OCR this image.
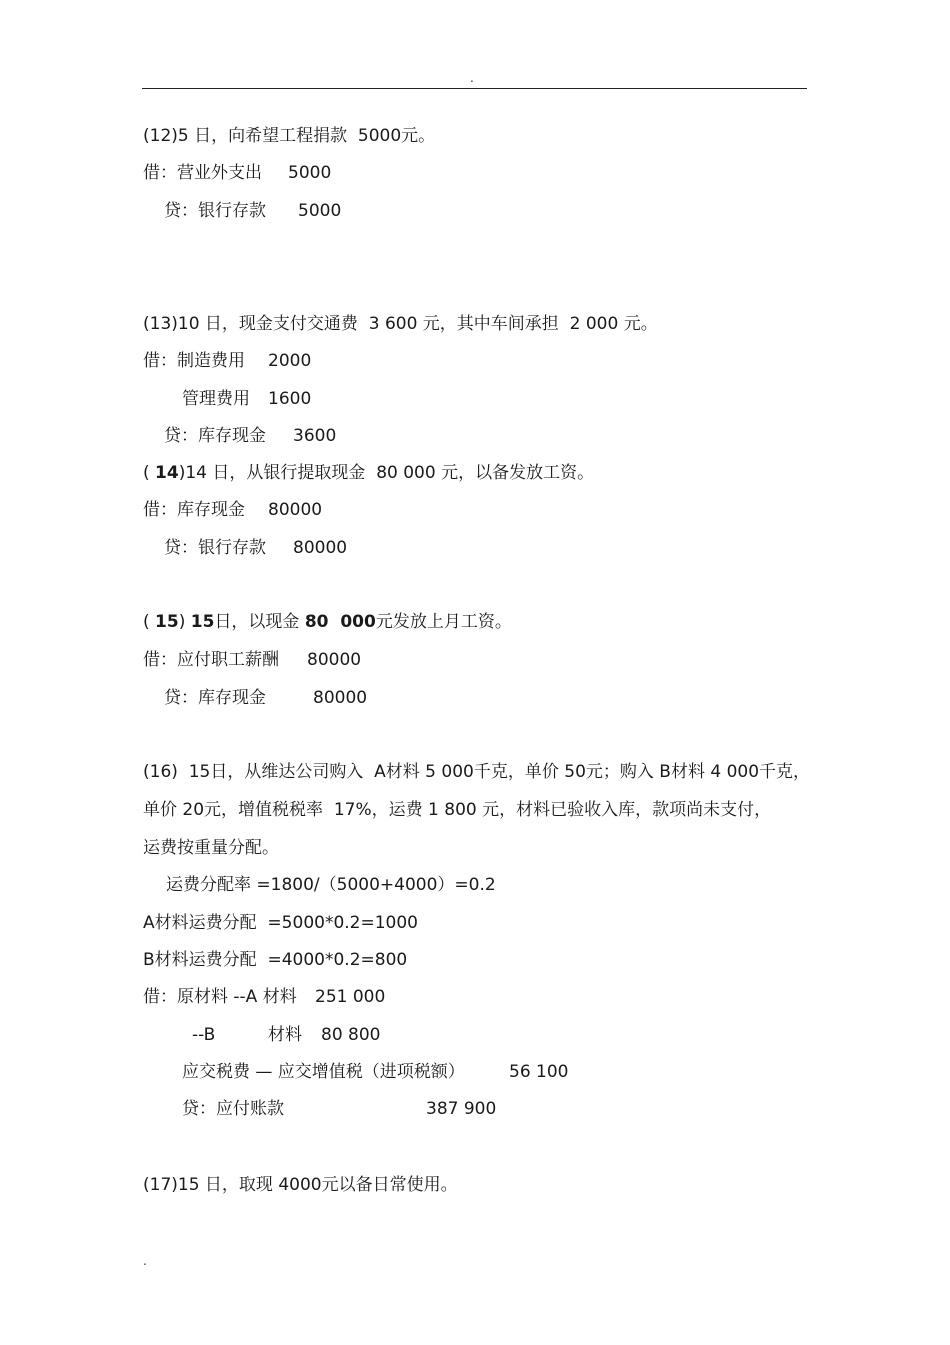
.
(12)5 日，向希望工程捐款  5000元。
借：营业外支出 5000
贷：银行存款 5000
(13)10 日，现金支付交通费  3 600 元，其中车间承担  2 000 元。
借：制造费用 2000
管理费用 1600
贷：库存现金 3600
( 14)14 日，从银行提取现金  80 000 元，以备发放工资。
借：库存现金 80000
贷：银行存款 80000
( 15) 15日，以现金 80  000元发放上月工资。
借：应付职工薪酬 80000
贷：库存现金	80000
(16)  15日，从维达公司购入  A材料 5 000千克，单价 50元；购入 B材料 4 000千克，
单价 20元，增值税税率  17%，运费 1 800 元，材料已验收入库，款项尚未支付，
运费按重量分配。
运费分配率 =1800/（5000+4000）=0.2
A材料运费分配  =5000*0.2=1000
B材料运费分配  =4000*0.2=800
借：原材料 --A 材料 251 000
--B	材料 80 800
应交税费 — 应交增值税（进项税额）	56 100
贷：应付账款	387 900
(17)15 日，取现 4000元以备日常使用。
.
